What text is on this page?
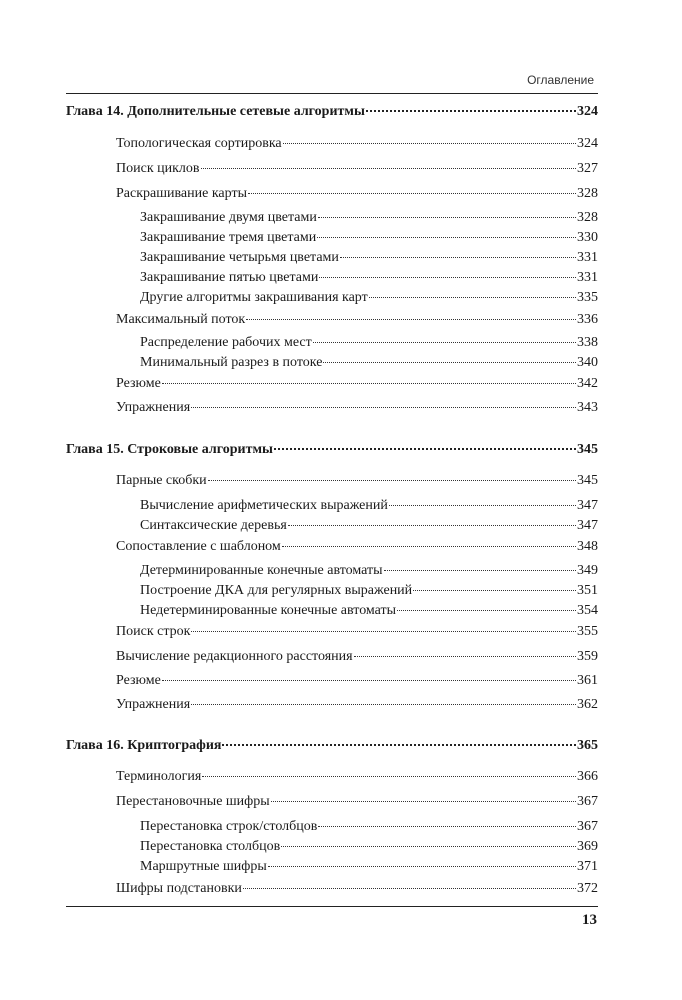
Оглавление
Глава 14. Дополнительные сетевые алгоритмы	324
Топологическая сортировка	324
Поиск циклов	327
Раскрашивание карты	328
Закрашивание двумя цветами	328
Закрашивание тремя цветами	330
Закрашивание четырьмя цветами	331
Закрашивание пятью цветами	331
Другие алгоритмы закрашивания карт	335
Максимальный поток	336
Распределение рабочих мест	338
Минимальный разрез в потоке	340
Резюме	342
Упражнения	343
Глава 15. Строковые алгоритмы	345
Парные скобки	345
Вычисление арифметических выражений	347
Синтаксические деревья	347
Сопоставление с шаблоном	348
Детерминированные конечные автоматы	349
Построение ДКА для регулярных выражений	351
Недетерминированные конечные автоматы	354
Поиск строк	355
Вычисление редакционного расстояния	359
Резюме	361
Упражнения	362
Глава 16. Криптография	365
Терминология	366
Перестановочные шифры	367
Перестановка строк/столбцов	367
Перестановка столбцов	369
Маршрутные шифры	371
Шифры подстановки	372
13
